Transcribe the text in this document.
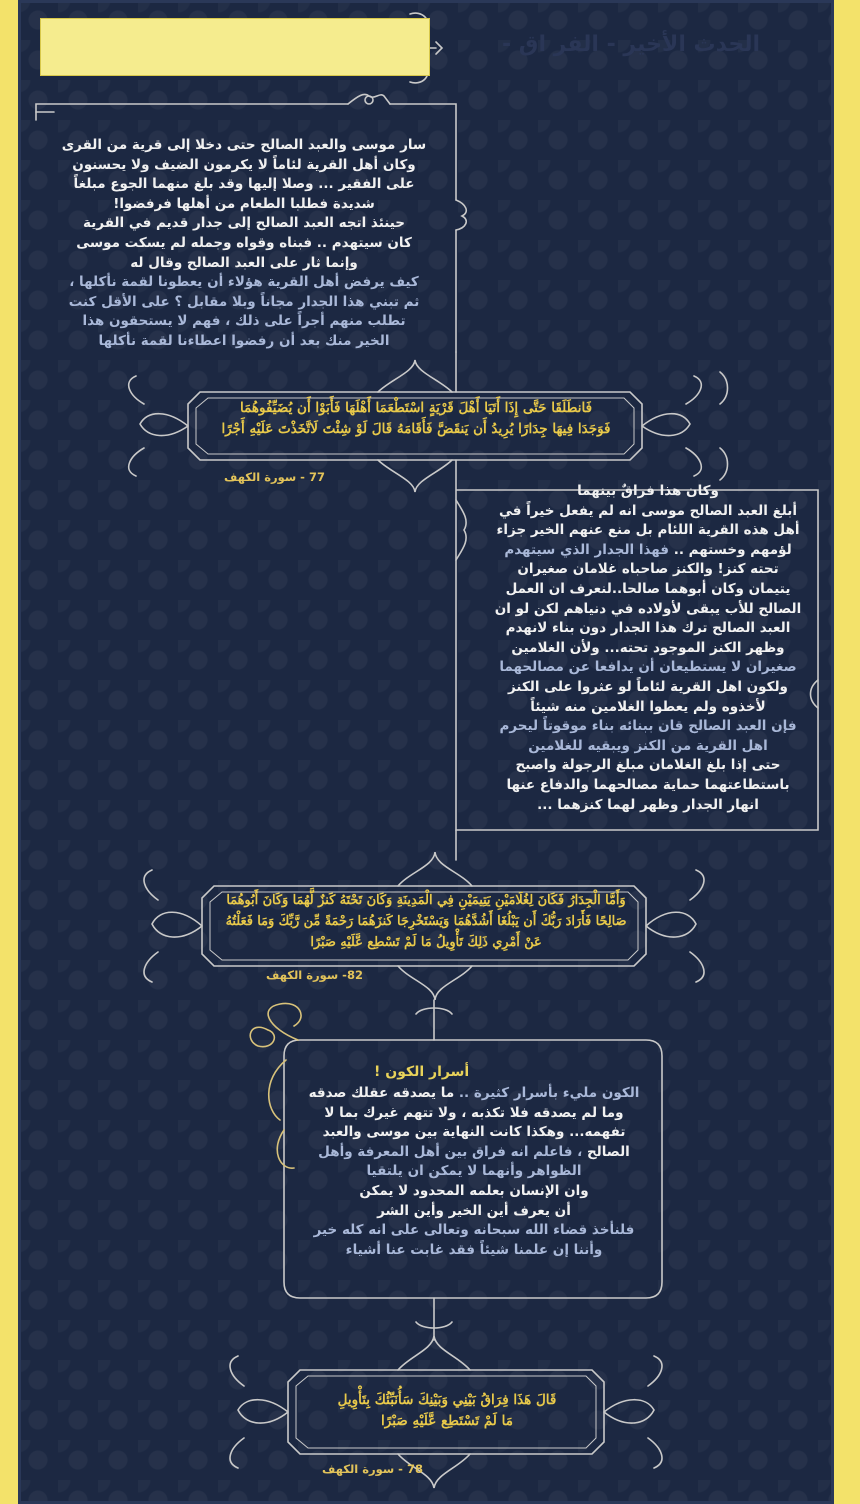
الحدث الأخير - الفر اق -
سار موسى والعبد الصالح حتى دخلا إلى قرية من القرى
وكان أهل القرية لئاماً لا يكرمون الضيف ولا يحسنون
على الفقير ... وصلا إليها وقد بلغ منهما الجوع مبلغاً
شديدة فطلبا الطعام من أهلها فرفضوا!
حينئذ اتجه العبد الصالح إلى جدار قديم في القرية
كان سيتهدم .. فبناه وقواه وجمله لم يسكت موسى
وإنما ثار على العبد الصالح وقال له
كيف يرفض أهل القرية هؤلاء أن يعطونا لقمة نأكلها ،
ثم تبني هذا الجدار مجاناً وبلا مقابل ؟ على الأقل كنت
تطلب منهم أجراً على ذلك ، فهم لا يستحقون هذا
الخير منك بعد أن رفضوا اعطاءنا لقمة نأكلها
فَانطَلَقَا حَتَّى إِذَا أَتَيَا أَهْلَ قَرْيَةٍ اسْتَطْعَمَا أَهْلَهَا فَأَبَوْا أَن يُضَيِّفُوهُمَا
فَوَجَدَا فِيهَا جِدَارًا يُرِيدُ أَن يَنقَضَّ فَأَقَامَهُ قَالَ لَوْ شِئْتَ لَاتَّخَذْتَ عَلَيْهِ أَجْرًا
77 - سورة الكهف
وكان هذا فراقٌ بينهما
أبلغ العبد الصالح موسى انه لم يفعل خيراً في
أهل هذه القرية اللئام بل منع عنهم الخير جزاء
لؤمهم وخستهم .. فهذا الجدار الذي سيتهدم
تحته كنز! والكنز صاحباه غلامان صغيران
يتيمان وكان أبوهما صالحا..لنعرف ان العمل
الصالح للأب يبقى لأولاده في دنياهم لكن لو ان
العبد الصالح ترك هذا الجدار دون بناء لانهدم
وظهر الكنز الموجود تحته... ولأن الغلامين
صغيران لا يستطيعان أن يدافعا عن مصالحهما
ولكون اهل القرية لئاماً لو عثروا على الكنز
لأخذوه ولم يعطوا الغلامين منه شيئاً
فإن العبد الصالح قان ببنائه بناء موقوتاً ليحرم
اهل القرية من الكنز ويبقيه للغلامين
حتى إذا بلغ الغلامان مبلغ الرجولة واصبح
باستطاعتهما حماية مصالحهما والدفاع عنها
انهار الجدار وظهر لهما كنزهما ...
وَأَمَّا الْجِدَارُ فَكَانَ لِغُلَامَيْنِ يَتِيمَيْنِ فِي الْمَدِينَةِ وَكَانَ تَحْتَهُ كَنزٌ لَّهُمَا وَكَانَ أَبُوهُمَا
صَالِحًا فَأَرَادَ رَبُّكَ أَن يَبْلُغَا أَشُدَّهُمَا وَيَسْتَخْرِجَا كَنزَهُمَا رَحْمَةً مِّن رَّبِّكَ وَمَا فَعَلْتُهُ
عَنْ أَمْرِي ذَلِكَ تَأْوِيلُ مَا لَمْ تَسْطِع عَّلَيْهِ صَبْرًا
82- سورة الكهف
أسرار الكون !
الكون مليء بأسرار كثيرة .. ما يصدقه عقلك صدقه
وما لم يصدقه فلا تكذبه ، ولا تتهم غيرك بما لا
تفهمه... وهكذا كانت النهاية بين موسى والعبد
الصالح ، فاعلم انه فراق بين أهل المعرفة وأهل
الظواهر وأنهما لا يمكن ان يلتقيا
وان الإنسان بعلمه المحدود لا يمكن
أن يعرف أين الخير وأين الشر
فلنأخذ قضاء الله سبحانه وتعالى على انه كله خير
وأننا إن علمنا شيئاً فقد غابت عنا أشياء
قَالَ هَذَا فِرَاقُ بَيْنِي وَبَيْنِكَ سَأُنَبِّئُكَ بِتَأْوِيلِ
مَا لَمْ تَسْتَطِع عَّلَيْهِ صَبْرًا
78 - سورة الكهف
